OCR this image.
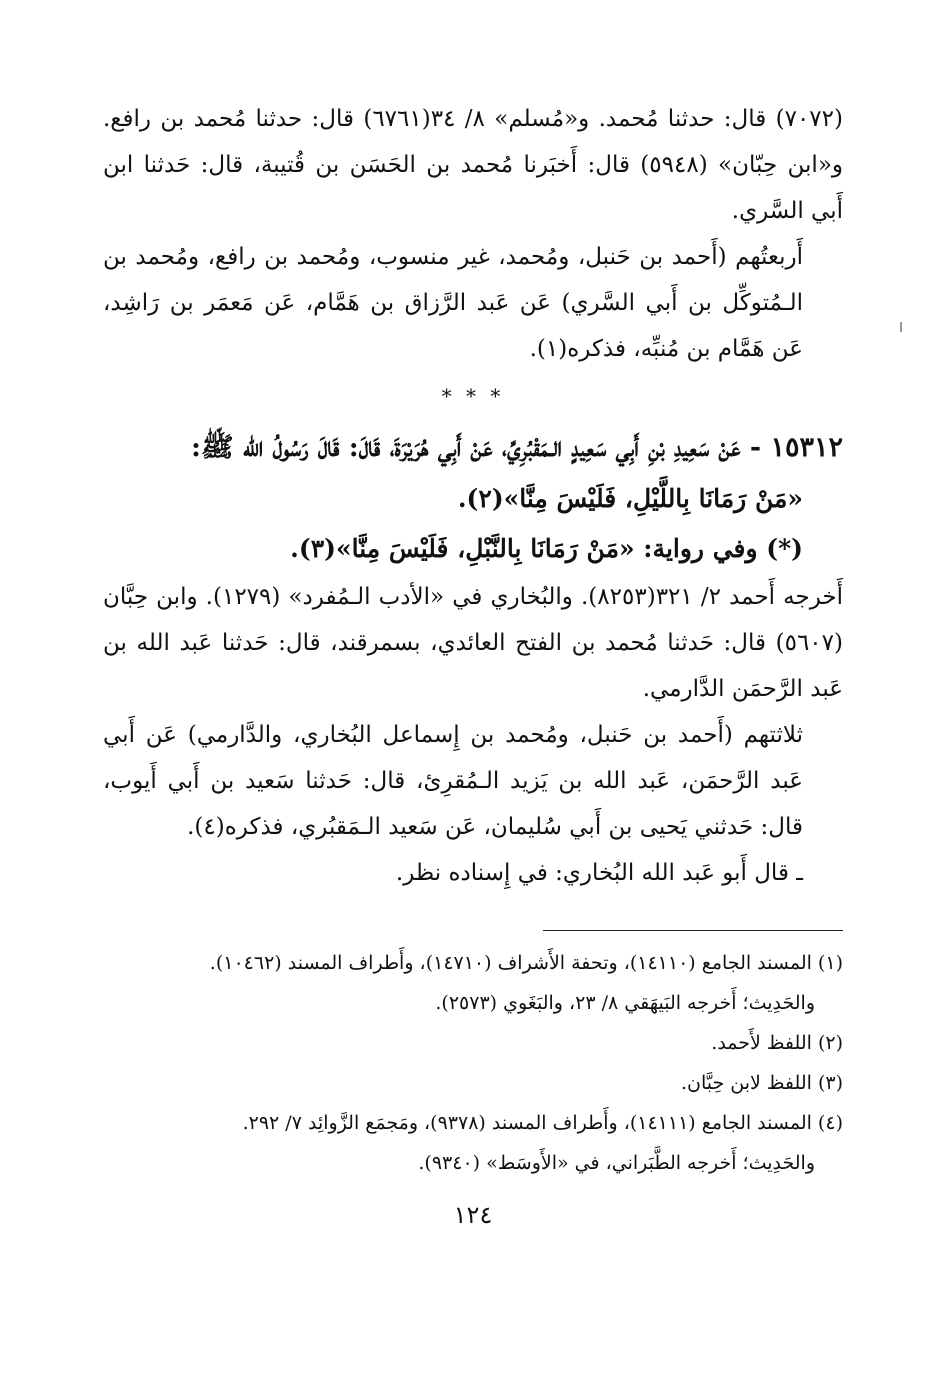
(٧٠٧٢) قال: حدثنا مُحمد. و«مُسلم» ٨/ ٣٤(٦٧٦١) قال: حدثنا مُحمد بن رافع. و«ابن حِبّان» (٥٩٤٨) قال: أَخبَرنا مُحمد بن الحَسَن بن قُتيبة، قال: حَدثنا ابن أَبي السَّري.

أَربعتُهم (أَحمد بن حَنبل، ومُحمد، غير منسوب، ومُحمد بن رافع، ومُحمد بن الـمُتوكِّل بن أَبي السَّري) عَن عَبد الرَّزاق بن هَمَّام، عَن مَعمَر بن رَاشِد، عَن هَمَّام بن مُنبِّه، فذكره(١).

* * *

١٥٣١٢ - عَنْ سَعِيدِ بْنِ أَبِي سَعِيدٍ الـمَقْبُرِيِّ، عَنْ أَبِي هُرَيْرَةَ، قَالَ: قَالَ رَسُولُ الله ﷺ:

«مَنْ رَمَانَا بِاللَّيْلِ، فَلَيْسَ مِنَّا»(٢).

(*) وفي رواية: «مَنْ رَمَانَا بِالنَّبْلِ، فَلَيْسَ مِنَّا»(٣).

أَخرجه أَحمد ٢/ ٣٢١(٨٢٥٣). والبُخاري في «الأدب الـمُفرد» (١٢٧٩). وابن حِبَّان (٥٦٠٧) قال: حَدثنا مُحمد بن الفتح العائدي، بسمرقند، قال: حَدثنا عَبد الله بن عَبد الرَّحمَن الدَّارمي.

ثلاثتهم (أَحمد بن حَنبل، ومُحمد بن إِسماعل البُخاري، والدَّارمي) عَن أَبي عَبد الرَّحمَن، عَبد الله بن يَزيد الـمُقرِئ، قال: حَدثنا سَعيد بن أَبي أَيوب، قال: حَدثني يَحيى بن أَبي سُليمان، عَن سَعيد الـمَقبُري، فذكره(٤).

ـ قال أَبو عَبد الله البُخاري: في إِسناده نظر.

(١) المسند الجامع (١٤١١٠)، وتحفة الأَشراف (١٤٧١٠)، وأَطراف المسند (١٠٤٦٢).

والحَدِيث؛ أَخرجه البَيهَقي ٨/ ٢٣، والبَغَوي (٢٥٧٣).

(٢) اللفظ لأَحمد.

(٣) اللفظ لابن حِبَّان.

(٤) المسند الجامع (١٤١١١)، وأَطراف المسند (٩٣٧٨)، ومَجمَع الزَّوائِد ٧/ ٢٩٢.

والحَدِيث؛ أَخرجه الطَّبَراني، في «الأَوسَط» (٩٣٤٠).

١٢٤
